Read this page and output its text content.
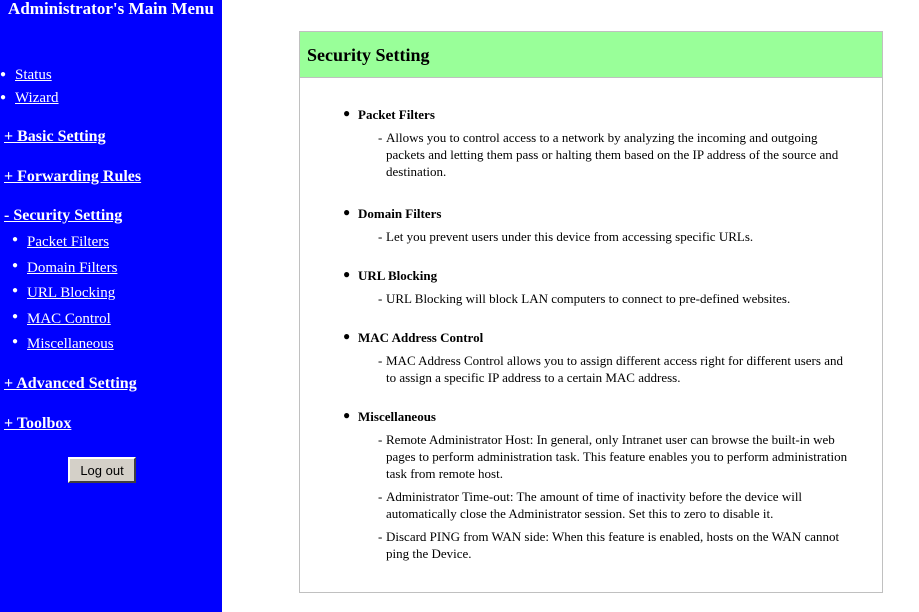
Administrator's Main Menu
● Status
● Wizard
+ Basic Setting
+ Forwarding Rules
- Security Setting
● Packet Filters
● Domain Filters
● URL Blocking
● MAC Control
● Miscellaneous
+ Advanced Setting
+ Toolbox
Log out
Security Setting
● Packet Filters
- Allows you to control access to a network by analyzing the incoming and outgoing packets and letting them pass or halting them based on the IP address of the source and destination.
● Domain Filters
- Let you prevent users under this device from accessing specific URLs.
● URL Blocking
- URL Blocking will block LAN computers to connect to pre-defined websites.
● MAC Address Control
- MAC Address Control allows you to assign different access right for different users and to assign a specific IP address to a certain MAC address.
● Miscellaneous
- Remote Administrator Host: In general, only Intranet user can browse the built-in web pages to perform administration task. This feature enables you to perform administration task from remote host.
- Administrator Time-out: The amount of time of inactivity before the device will automatically close the Administrator session. Set this to zero to disable it.
- Discard PING from WAN side: When this feature is enabled, hosts on the WAN cannot ping the Device.
